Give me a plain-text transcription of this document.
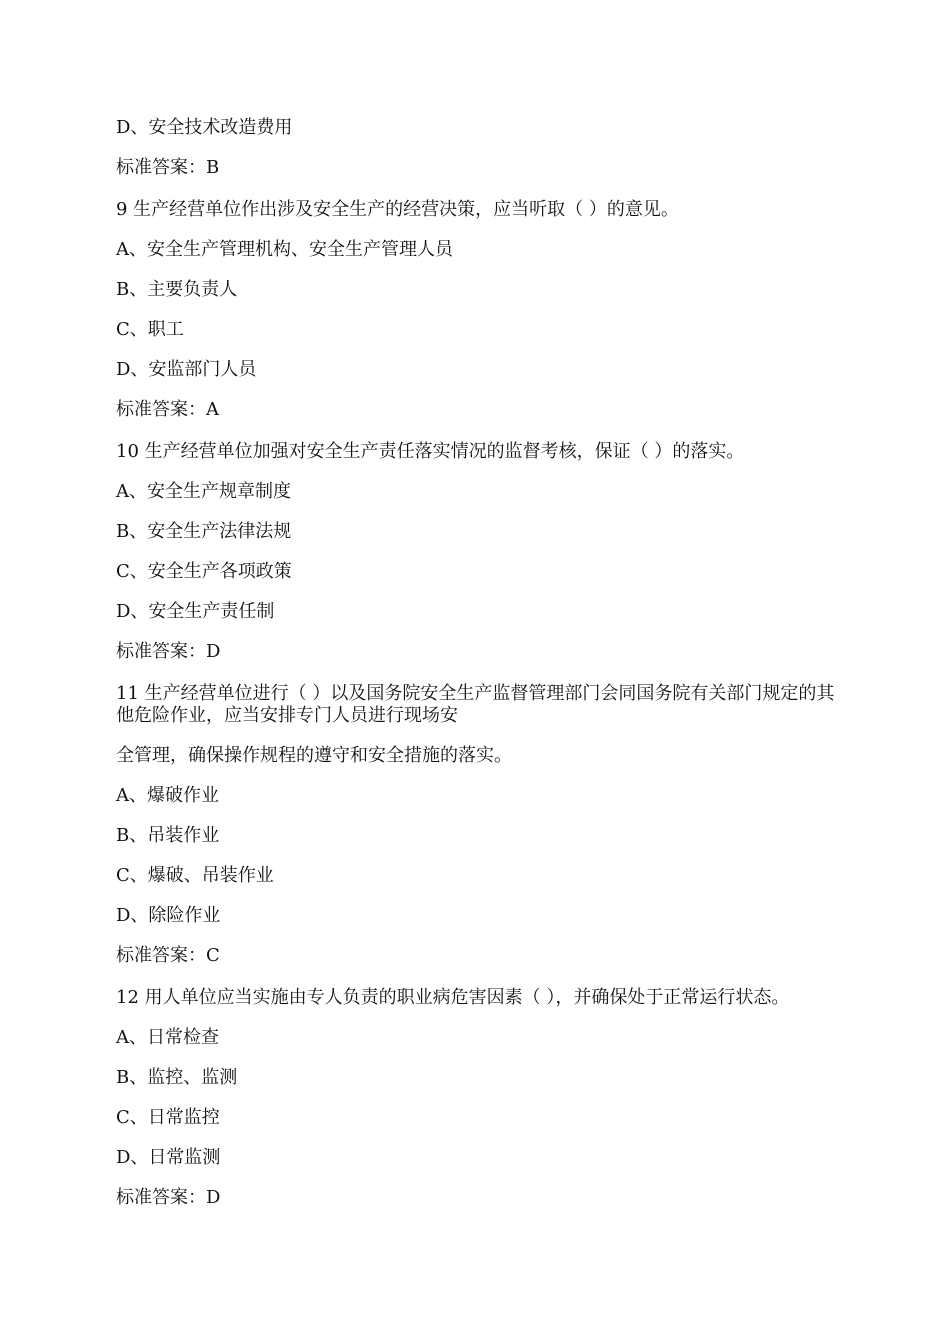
D、安全技术改造费用
标准答案：B
9 生产经营单位作出涉及安全生产的经营决策，应当听取（ ）的意见。
A、安全生产管理机构、安全生产管理人员
B、主要负责人
C、职工
D、安监部门人员
标准答案：A
10 生产经营单位加强对安全生产责任落实情况的监督考核，保证（ ）的落实。
A、安全生产规章制度
B、安全生产法律法规
C、安全生产各项政策
D、安全生产责任制
标准答案：D
11 生产经营单位进行（ ）以及国务院安全生产监督管理部门会同国务院有关部门规定的其他危险作业，应当安排专门人员进行现场安
全管理，确保操作规程的遵守和安全措施的落实。
A、爆破作业
B、吊装作业
C、爆破、吊装作业
D、除险作业
标准答案：C
12 用人单位应当实施由专人负责的职业病危害因素（ ），并确保处于正常运行状态。
A、日常检查
B、监控、监测
C、日常监控
D、日常监测
标准答案：D
